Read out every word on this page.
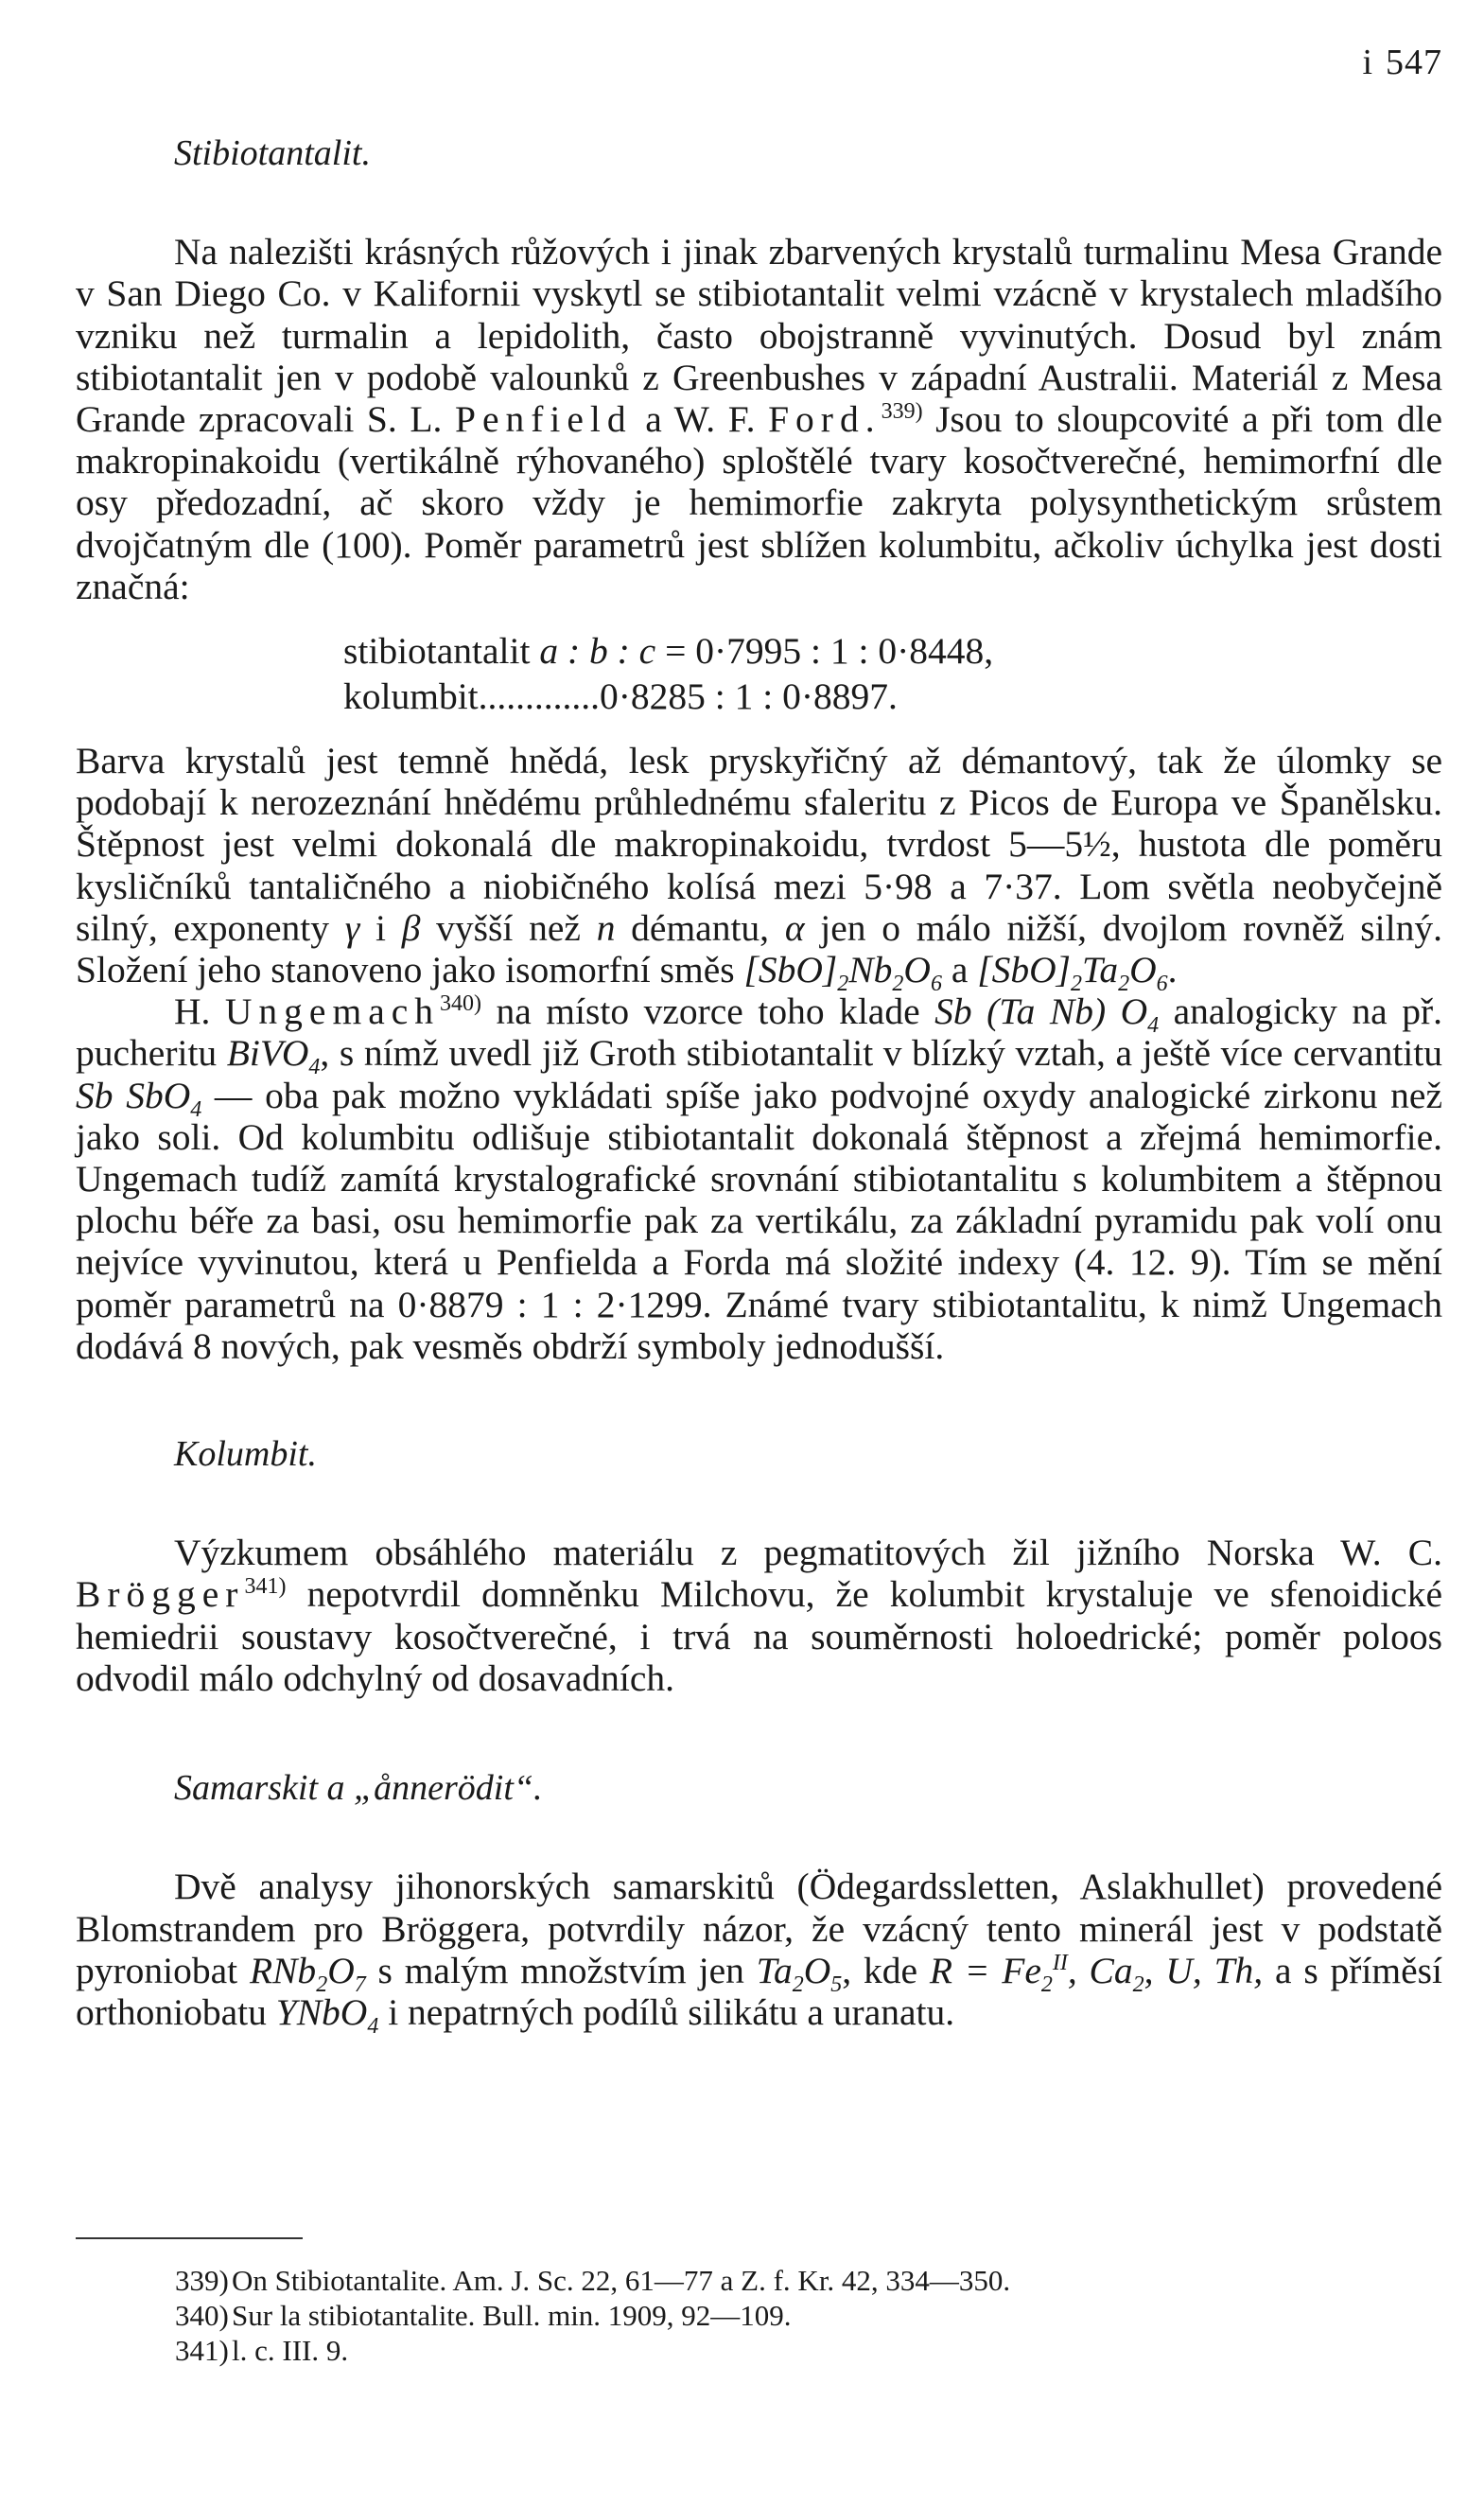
i 547

Stibiotantalit.

Na nalezišti krásných růžových i jinak zbarvených krystalů turmalinu Mesa Grande v San Diego Co. v Kalifornii vyskytl se stibiotantalit velmi vzácně v krystalech mladšího vzniku než turmalin a lepidolith, často obojstranně vyvinutých. Dosud byl znám stibiotantalit jen v podobě valounků z Greenbushes v západní Australii. Materiál z Mesa Grande zpracovali S. L. Penfield a W. F. Ford.$^{339)}$ Jsou to sloupcovité a při tom dle makropinakoidu (vertikálně rýhovaného) sploštělé tvary kosočtverečné, hemimorfní dle osy předozadní, ač skoro vždy je hemimorfie zakryta polysynthetickým srůstem dvojčatným dle (100). Poměr parametrů jest sblížen kolumbitu, ačkoliv úchylka jest dosti značná:

stibiotantalit a : b : c = 0·7995 : 1 : 0·8448,
kolumbit.............0·8285 : 1 : 0·8897.

Barva krystalů jest temně hnědá, lesk pryskyřičný až démantový, tak že úlomky se podobají k nerozeznání hnědému průhlednému sfaleritu z Picos de Europa ve Španělsku. Štěpnost jest velmi dokonalá dle makropinakoidu, tvrdost 5—5½, hustota dle poměru kysličníků tantaličného a niobičného kolísá mezi 5·98 a 7·37. Lom světla neobyčejně silný, exponenty γ i β vyšší než n démantu, α jen o málo nižší, dvojlom rovněž silný. Složení jeho stanoveno jako isomorfní směs $[SbO]_2Nb_2O_6$ a $[SbO]_2Ta_2O_6$.

H. Ungemach$^{340)}$ na místo vzorce toho klade Sb (Ta Nb) $O_4$ analogicky na př. pucheritu BiVO$_4$, s nímž uvedl již Groth stibiotantalit v blízký vztah, a ještě více cervantitu Sb SbO$_4$ — oba pak možno vykládati spíše jako podvojné oxydy analogické zirkonu než jako soli. Od kolumbitu odlišuje stibiotantalit dokonalá štěpnost a zřejmá hemimorfie. Ungemach tudíž zamítá krystalografické srovnání stibiotantalitu s kolumbitem a štěpnou plochu béře za basi, osu hemimorfie pak za vertikálu, za základní pyramidu pak volí onu nejvíce vyvinutou, která u Penfielda a Forda má složité indexy (4. 12. 9). Tím se mění poměr parametrů na 0·8879 : 1 : 2·1299. Známé tvary stibiotantalitu, k nimž Ungemach dodává 8 nových, pak vesměs obdrží symboly jednodušší.

Kolumbit.

Výzkumem obsáhlého materiálu z pegmatitových žil jižního Norska W. C. Brögger$^{341)}$ nepotvrdil domněnku Milchovu, že kolumbit krystaluje ve sfenoidické hemiedrii soustavy kosočtverečné, i trvá na souměrnosti holoedrické; poměr poloos odvodil málo odchylný od dosavadních.

Samarskit a „ånnerödit“.

Dvě analysy jihonorských samarskitů (Ödegardssletten, Aslakhullet) provedené Blomstrandem pro Bröggera, potvrdily názor, že vzácný tento minerál jest v podstatě pyroniobat $RNb_2O_7$ s malým množstvím jen $Ta_2O_5$, kde $R = Fe_2^{II}$, $Ca_2$, U, Th, a s příměsí orthoniobatu YNbO$_4$ i nepatrných podílů silikátu a uranatu.

339) On Stibiotantalite. Am. J. Sc. 22, 61—77 a Z. f. Kr. 42, 334—350.
340) Sur la stibiotantalite. Bull. min. 1909, 92—109.
341) l. c. III. 9.
